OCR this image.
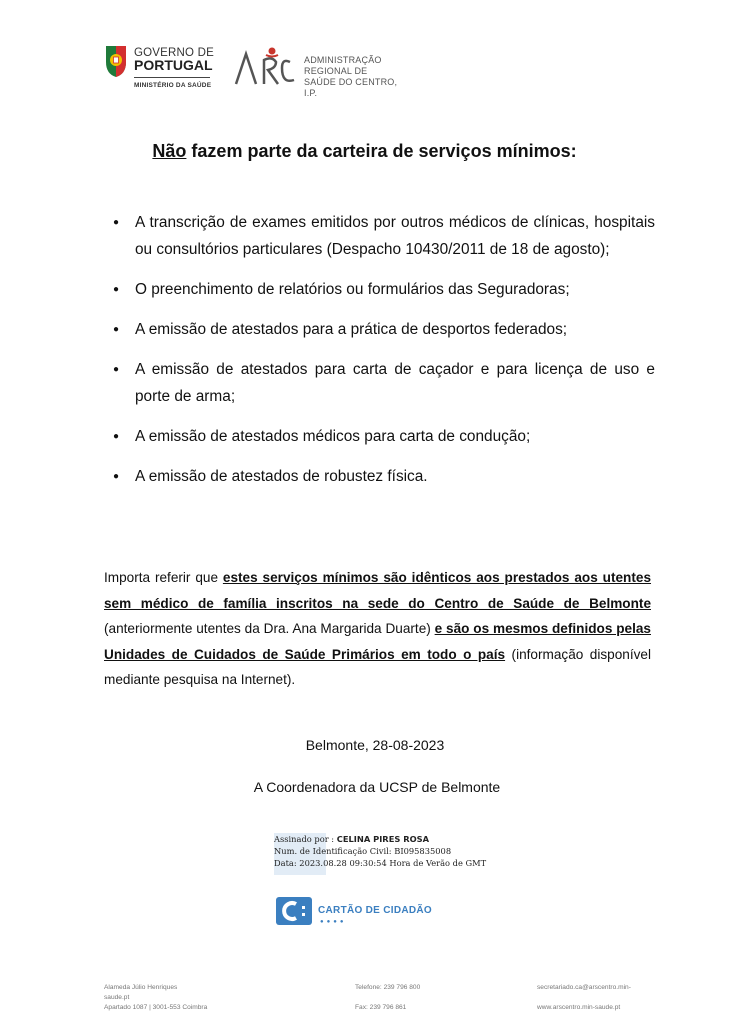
GOVERNO DE
PORTUGAL
MINISTÉRIO DA SAÚDE
ADMINISTRAÇÃO
REGIONAL DE
SAÚDE DO CENTRO, I.P.
Não fazem parte da carteira de serviços mínimos:
● A transcrição de exames emitidos por outros médicos de clínicas, hospitais ou consultórios particulares (Despacho 10430/2011 de 18 de agosto);
● O preenchimento de relatórios ou formulários das Seguradoras;
● A emissão de atestados para a prática de desportos federados;
● A emissão de atestados para carta de caçador e para licença de uso e porte de arma;
● A emissão de atestados médicos para carta de condução;
● A emissão de atestados de robustez física.
Importa referir que estes serviços mínimos são idênticos aos prestados aos utentes sem médico de família inscritos na sede do Centro de Saúde de Belmonte (anteriormente utentes da Dra. Ana Margarida Duarte) e são os mesmos definidos pelas Unidades de Cuidados de Saúde Primários em todo o país (informação disponível mediante pesquisa na Internet).
Belmonte, 28-08-2023
A Coordenadora da UCSP de Belmonte
Assinado por : CELINA PIRES ROSA
Num. de Identificação Civil: BI095835008
Data: 2023.08.28 09:30:54 Hora de Verão de GMT
CARTÃO DE CIDADÃO
●●●●
Alameda Júlio Henriques
saude.pt
Apartado 1087 | 3001-553 Coimbra
Telefone: 239 796 800
Fax: 239 796 861
secretariado.ca@arscentro.min-
www.arscentro.min-saude.pt
